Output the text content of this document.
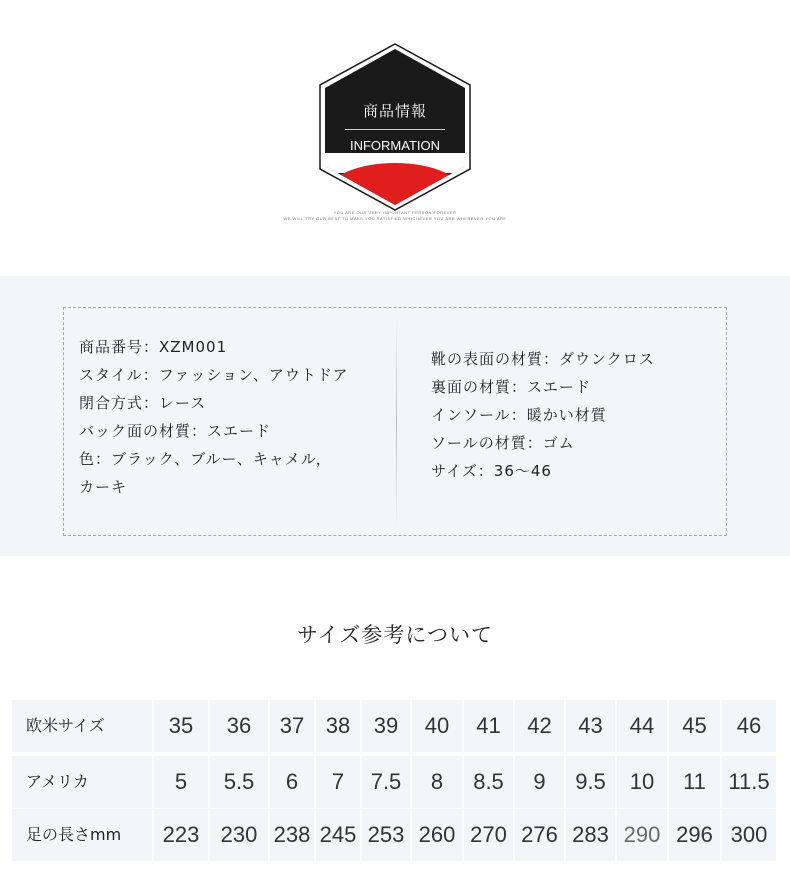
商品情報
INFORMATION
YOU ARE OUR VERY IMPORTANT PERSON FOREVER
WE WILL TRY OUR BEST TO MAKE YOU SATISFIED WHICHEVER YOU ARE WHEREVER YOU ARE
商品番号：XZM001
スタイル：ファッション、アウトドア
閉合方式：レース
バック面の材質：スエード
色：ブラック、ブルー、キャメル，
カーキ
靴の表面の材質：ダウンクロス
裏面の材質：スエード
インソール：暖かい材質
ソールの材質：ゴム
サイズ：36～46
サイズ参考について
欧米サイズ	35	36	37 38	39	40	41	42	43	44	45	46
アメリカ	5	5.5	6	7	7.5	8	8.5	9	9.5	10	11	11.5
足の長さmm	223 230 238 245 253 260 270 276 283 290 296 300
